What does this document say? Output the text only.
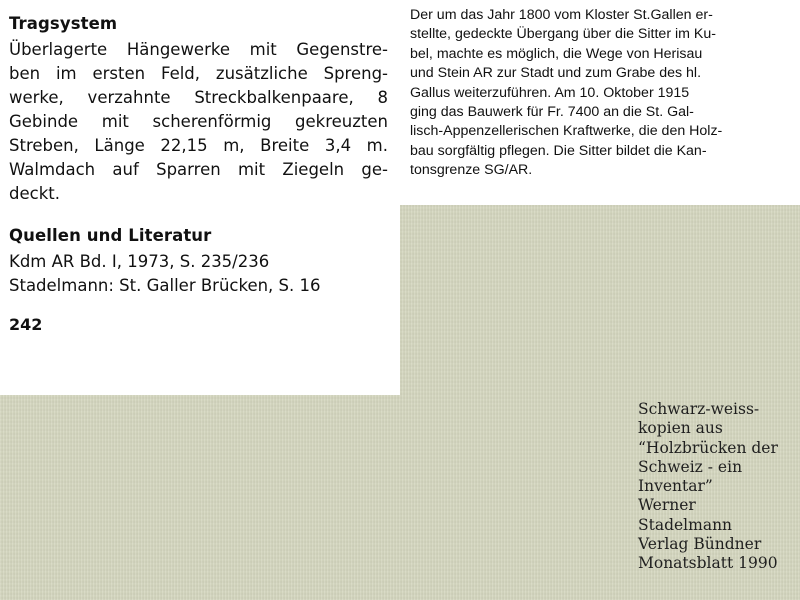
Tragsystem
Überlagerte Hängewerke mit Gegenstre-
ben im ersten Feld, zusätzliche Spreng-
werke, verzahnte Streckbalkenpaare, 8
Gebinde mit scherenförmig gekreuzten
Streben, Länge 22,15 m, Breite 3,4 m.
Walmdach auf Sparren mit Ziegeln ge-
deckt.
Quellen und Literatur
Kdm AR Bd. I, 1973, S. 235/236
Stadelmann: St. Galler Brücken, S. 16
242
Der um das Jahr 1800 vom Kloster St.Gallen er-
stellte, gedeckte Übergang über die Sitter im Ku-
bel, machte es möglich, die Wege von Herisau
und Stein AR zur Stadt und zum Grabe des hl.
Gallus weiterzuführen. Am 10. Oktober 1915
ging das Bauwerk für Fr. 7400 an die St. Gal-
lisch-Appenzellerischen Kraftwerke, die den Holz-
bau sorgfältig pflegen. Die Sitter bildet die Kan-
tonsgrenze SG/AR.
Schwarz-weiss-
kopien aus
“Holzbrücken der
Schweiz - ein
Inventar”
Werner
Stadelmann
Verlag Bündner
Monatsblatt 1990
